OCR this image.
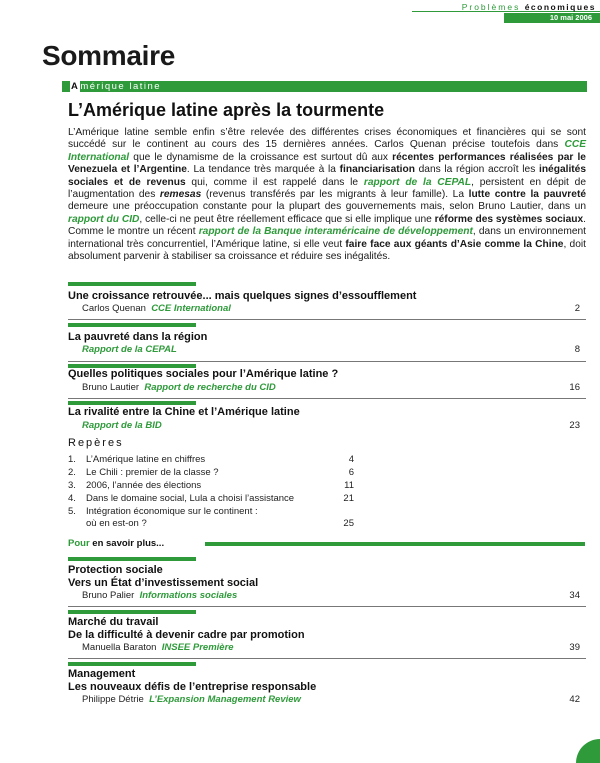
Problèmes économiques
10 mai 2006
Sommaire
Amérique latine
L’Amérique latine après la tourmente
L’Amérique latine semble enfin s’être relevée des différentes crises économiques et financières qui se sont succédé sur le continent au cours des 15 dernières années. Carlos Quenan précise toutefois dans CCE International que le dynamisme de la croissance est surtout dû aux récentes performances réalisées par le Venezuela et l’Argentine. La tendance très marquée à la financiarisation dans la région accroît les inégalités sociales et de revenus qui, comme il est rappelé dans le rapport de la CEPAL, persistent en dépit de l’augmentation des remesas (revenus transférés par les migrants à leur famille). La lutte contre la pauvreté demeure une préoccupation constante pour la plupart des gouvernements mais, selon Bruno Lautier, dans un rapport du CID, celle-ci ne peut être réellement efficace que si elle implique une réforme des systèmes sociaux. Comme le montre un récent rapport de la Banque interaméricaine de développement, dans un environnement international très concurrentiel, l’Amérique latine, si elle veut faire face aux géants d’Asie comme la Chine, doit absolument parvenir à stabiliser sa croissance et réduire ses inégalités.
Une croissance retrouvée... mais quelques signes d’essoufflement
Carlos Quenan CCE International	2
La pauvreté dans la région
Rapport de la CEPAL	8
Quelles politiques sociales pour l’Amérique latine ?
Bruno Lautier Rapport de recherche du CID	16
La rivalité entre la Chine et l’Amérique latine
Rapport de la BID	23
Repères
1. L’Amérique latine en chiffres	4
2. Le Chili : premier de la classe ?	6
3. 2006, l’année des élections	11
4. Dans le domaine social, Lula a choisi l’assistance	21
5. Intégration économique sur le continent :
où en est-on ?	25
Pour en savoir plus...
Protection sociale
Vers un État d’investissement social
Bruno Palier Informations sociales	34
Marché du travail
De la difficulté à devenir cadre par promotion
Manuella Baraton INSEE Première	39
Management
Les nouveaux défis de l’entreprise responsable
Philippe Détrie L’Expansion Management Review	42
